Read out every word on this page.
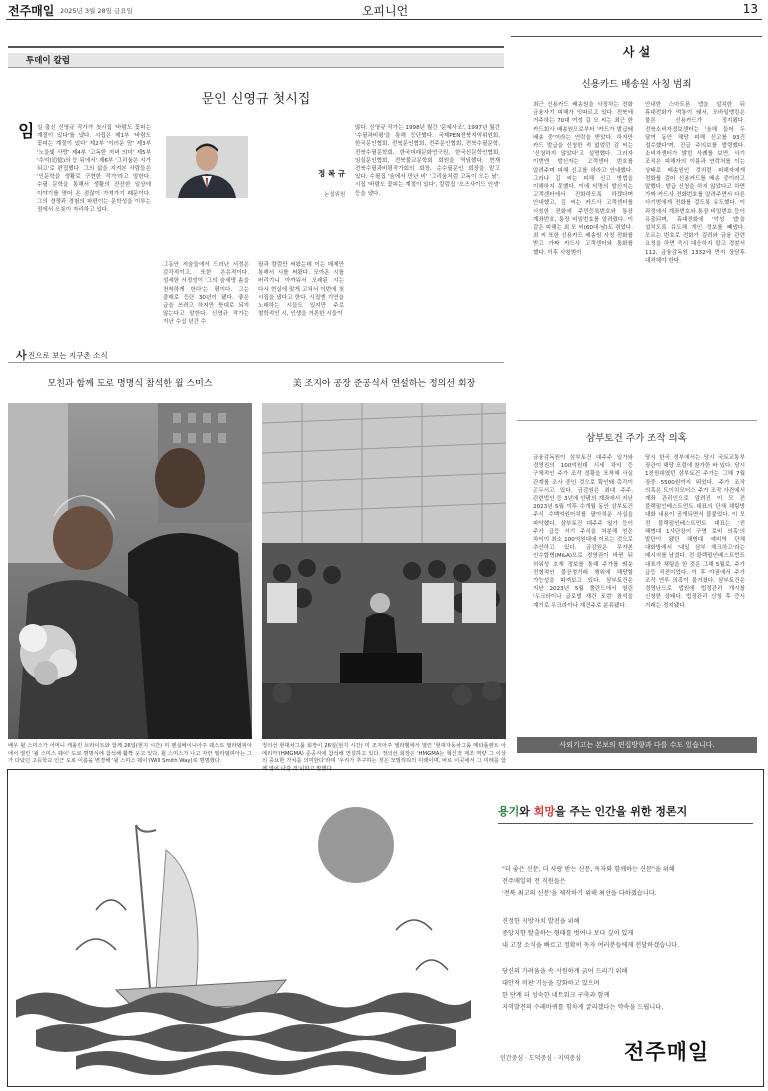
전주매일 2025년 3월 28일 금요일	오피니언	13
투데이 칼럼
문인 신영규 첫시집
임 실 출신 신영규 작가가 첫시집 '바람도 꽃피는 계절이 있다'를 냈다. 시집은 제1부 '바람도 꽃피는 계절이 있다' 제2부 '이러운 맘' 제3부 '노을빛 사랑' 제4부 '고독한 저녁 의미' 제5부 '추억(追憶)의 등 뒤에서' 제6부 '그리움은 시가 되고'로 편집했다. 그의 삶을 지켜본 사람들은 '인문학을 생활로 구현한 작가'라고 말한다. 수필 문학을 통해서 생활의 잔잔한 일상에 이야기를 엮어 온 점잖이 가져가기 때문이다. 그의 경쟁과 경험의 파편이는 문학성을 이루는 점에서 오롯이 자리하고 있다.
정 복 규
논설위원
그동안 저술들에서 드러난 서정은 감각적이고, 또한 은유적이다. 섬세한 서정성이 '그의 숨세명 솜을 천착하게 한다'는 평이다. 그는 즐매로 등단 30년이 됐다. 좋은 글을 쓰려고 하지만 뜻대로 되지 않는다고 말한다. 신영규 작가는 지난 수십 년간 수
필과 칼럼만 써왔는데 이는 매체만 통해서 시를 써왔다. 모아온 시를 버리기니 아까워서 오래된 시는 다시 현실에 맞게 고쳐서 이번에 첫 시집을 냈다고 한다. 시집엔 기연을 노래하는 시들도 있지만 주로 철학적인 시, 인생을 거론한 시들이
많다. 신영규 작가는 1998년 월간 '문예사조', 1997년 월간 '수필과비평'을 통해 등단했다. 국제PEN전북지역위원회, 한국문인협회, 전북문인협회, 전주문인협회, 전북수필문학, 전북수필문학회, 한국미래문화연구원, 한국신문학인협회, 임실문인협회, 전북불교문학회 회원을 역임했다. 현재 전북수필과비평작가회의 회장, 순수필문인 회장을 맡고 있다. 수필집 '숨에서 만난 비' '그리움처럼 고독이 오는 날', 시집 '바람도 꽃피는 계절이 있다', 칼럼집 '오즈사이드 인생' 등을 냈다.
사 진으로 보는 지구촌 소식
모친과 함께 도로 명명식 참석한 윌 스미스	美 조지아 공장 준공식서 연설하는 정의선 회장
배우 윌 스미스가 어머니 캐롤린 브라이트와 함께 26일(현지 시간) 미 펜실베이니아주 웨스트 필라델피아에서 열린 '윌 스미스 웨이' 도로 명명식에 참석해 활짝 웃고 있다. 윌 스미스가 나고 자란 필라델피아는 그가 다녔던 고등학교 인근 도로 이름을 변경해 '윌 스미스 웨이'(Will Smith Way)로 명명했다.
정의선 현대차그룹 회장이 26일(현지 시간) 미 조지아주 엘라벨에서 열린 '현대자동차그룹 메타플랜트 아메리카'(HMGMA) 준공식에 참석해 연설하고 있다. 정의선 회장은 'HMGMA는 혁신적 제조 역량 그 이상의 중요한 가치를 의미한다'라며 '우리가 추구하는 것은 모빌리티의 미래이며, 바로 이곳에서 그 미래를 함께 열어 나갈 것'이라고 말했다.
사 설
신용카드 배송원 사칭 범죄
최근 신용카드 배송원을 사칭하는 전화 금융사기 피해가 잇따르고 있다. 전북에 거주하는 70대 여성 김 모 씨는 최근 한 카드회사 배송원으로부터 '카드가 발급돼 배송 중'이라는 연락을 받았다. 하지만 카드 발급을 신청한 적 없었던 김 씨는 '신청하지 않았다'고 설명했다. 그러자 이번엔 발신자는 고객센터 번호를 알려주며 피해 신고를 하라고 안내했다. 그러나 김 씨는 피해 신고 방법을 이해하지 못했다. 이에 익명의 발신자는 고객센터에서 진화하도록 하겠다며 안내했고, 김 씨는 카드사 고객센터를 사칭한 전화에 주민등록번호와 통장 계좌번호, 통장 비밀번호를 알려줬다. 이 같은 피해는 최 모 씨(60대·남)도 겪었다. 최 씨 또한 신용카드 배송원 사칭 전화를 받고 가짜 카드사 고객센터와 통화를 했다. 이후 사칭범이
안내한 스마트폰 앱을 설치한 뒤 휴대전화가 먹통이 돼서, 모바일뱅킹은 물론 신용카드가 정지됐다. 전북소비자정보센터는 '올해 들어 두 달여 동안 해당 피해 신고를 93건 접수했다'며, 진급 주의보를 발령했다. 소비자센터가 밝힌 사례를 보면, 사기 조직은 피해자의 이름과 연락처를 이는 상태로 배송원인 것처럼 피해자에게 전화를 걸어 신용카드를 배송 중이라고 말했다. 발급 신청을 하지 않았다고 하면 가짜 카드사 전화번호를 알려주면서 다른 사기범에게 전화를 걸도록 유도했다. 이 과정에서 계좌번호와 통장 비밀번호 등이 유출되며, 휴대전화에 '악성 앱'을 설치도록 유도해 개인 정보를 빼냈다. 모르는 번호로 전화가 걸려와 금융 관련 요청을 하면 즉시 대응하지 말고 경찰서 112, 금융감독원 1332에 먼저 상담후 대처해야 한다.
삼부토건 주가 조작 의혹
금융감독원이 삼부토건 대주주 일가와 경영진의 100억원대 시세 차익 등 구체적인 주가 조작 정황을 포착해 사실 관계를 조사 중인 것으로 확인돼 촉각이 곤두서고 있다. 금감원은 최대 주주, 관련법인 등 3년에 안팎의 계좌에서 지난 2023년 5월 이후 수개월 동안 삼부토건 주식 수백억원어치를 팔아치운 사실을 파악했다. 삼부토건 대주주 일가 등이 주가 급등 시기 주식을 처분해 얻은 차익이 최소 100억원대에 이르는 것으로 추산하고 있다. 금감원은 무자본 인수합병(M&A)으로 경영권이 바뀐 뒤 허위성 호재 정보를 통해 주가를 띄운 전형적인 불공정거래 행위에 해당할 가능성을 따져보고 있다. 삼부토건은 지난 2023년 5월 폴란드에서 열린 '우크라이나 글로벌 재건 포럼' 참석을 계기로 우크라이나 재건주로 분류됐다.
당시 한국 정부에서는 당시 국토교통부 장관이 해당 포럼에 참가한 바 있다. 당시 1천원대였던 삼부토건 주가는 그해 7월 장중 5500원까지 뛰었다. 주가 조작 의혹은 도이치모터스 주가 조작 사건에서 계좌 관리인으로 알려진 이 모 전 블랙펄인베스트먼트 대표의 단체 채팅방 대화 내용이 공개되면서 불붙었다. 이 모 전 블랙펄인베스트먼트 대표는 '전 해병대 1사단장이 구명 로비 의혹'의 발단이 됐던 해병대 예비역 단체 대화방에서 '내일 삼부 체크하고'라는 메시지를 남겼다. 전 블랙펄인베스트먼트 대표가 채팅을 한 것은 그해 5월로, 주가 급등 직전이었다. 이 후 야권에서 주가 조작 연루 의혹이 불거졌다. 삼부토건은 경영난으로 법원에 법정관리 개시를 신청한 상태다. 법정관리 신청 후 증시 거래는 정지됐다.
사외기고는 본보의 편집방향과 다를 수도 있습니다.
용기와 희망을 주는 인간을 위한 정론지
"더 좋은 신문, 더 사랑 받는 신문, 독자와 함께하는 신문"을 위해
전주매일의 전 직원들은
'전북 최고의 신문'을 제작하기 위해 최선을 다하겠습니다.
진정한 지방자치 발전을 위해
중앙지향 탈출하는 형태를 벗어나 보다 깊이 있게
내 고장 소식을 빠르고 정확히 독자 여러분들에게 전달하겠습니다.
당신의 가려움을 속 시원하게 긁어 드리기 위해
대안적 비판 기능을 강화하고 있으며
한 단계 더 성숙한 네트워크 구축과 함께
지역발전의 수레바퀴를 힘차게 굴리겠다는 약속을 드립니다.
인간중심 · 도덕중심 · 지역중심 전주매일
